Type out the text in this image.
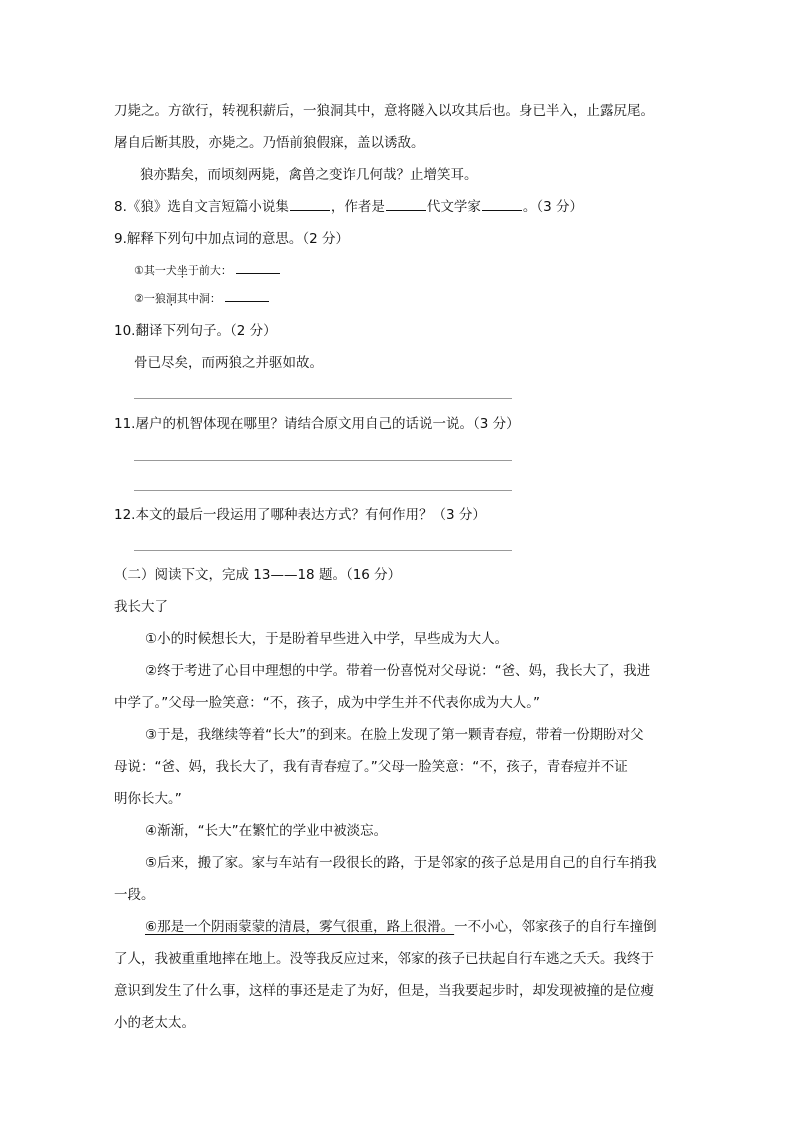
刀毙之。方欲行，转视积薪后，一狼洞其中，意将隧入以攻其后也。身已半入，止露尻尾。
屠自后断其股，亦毙之。乃悟前狼假寐，盖以诱敌。
狼亦黠矣，而顷刻两毙，禽兽之变诈几何哉？止增笑耳。
8.《狼》选自文言短篇小说集	，作者是	代文学家	。（3 分）
9.解释下列句中加点词的意思。（2 分）
①其一犬坐于前大：
②一狼洞其中洞：
10.翻译下列句子。（2 分）
骨已尽矣，而两狼之并驱如故。
11.屠户的机智体现在哪里？请结合原文用自己的话说一说。（3 分）
12.本文的最后一段运用了哪种表达方式？有何作用？（3 分）
（二）阅读下文，完成 13——18 题。（16 分）
我长大了
①小的时候想长大，于是盼着早些进入中学，早些成为大人。
②终于考进了心目中理想的中学。带着一份喜悦对父母说：“爸、妈，我长大了，我进
中学了。”父母一脸笑意：“不，孩子，成为中学生并不代表你成为大人。”
③于是，我继续等着“长大”的到来。在脸上发现了第一颗青春痘，带着一份期盼对父
母说：“爸、妈，我长大了，我有青春痘了。”父母一脸笑意：“不，孩子，青春痘并不证
明你长大。”
④渐渐，“长大”在繁忙的学业中被淡忘。
⑤后来，搬了家。家与车站有一段很长的路，于是邻家的孩子总是用自己的自行车捎我
一段。
⑥那是一个阴雨蒙蒙的清晨，雾气很重，路上很滑。一不小心，邻家孩子的自行车撞倒
了人，我被重重地摔在地上。没等我反应过来，邻家的孩子已扶起自行车逃之夭夭。我终于
意识到发生了什么事，这样的事还是走了为好，但是，当我要起步时，却发现被撞的是位瘦
小的老太太。
